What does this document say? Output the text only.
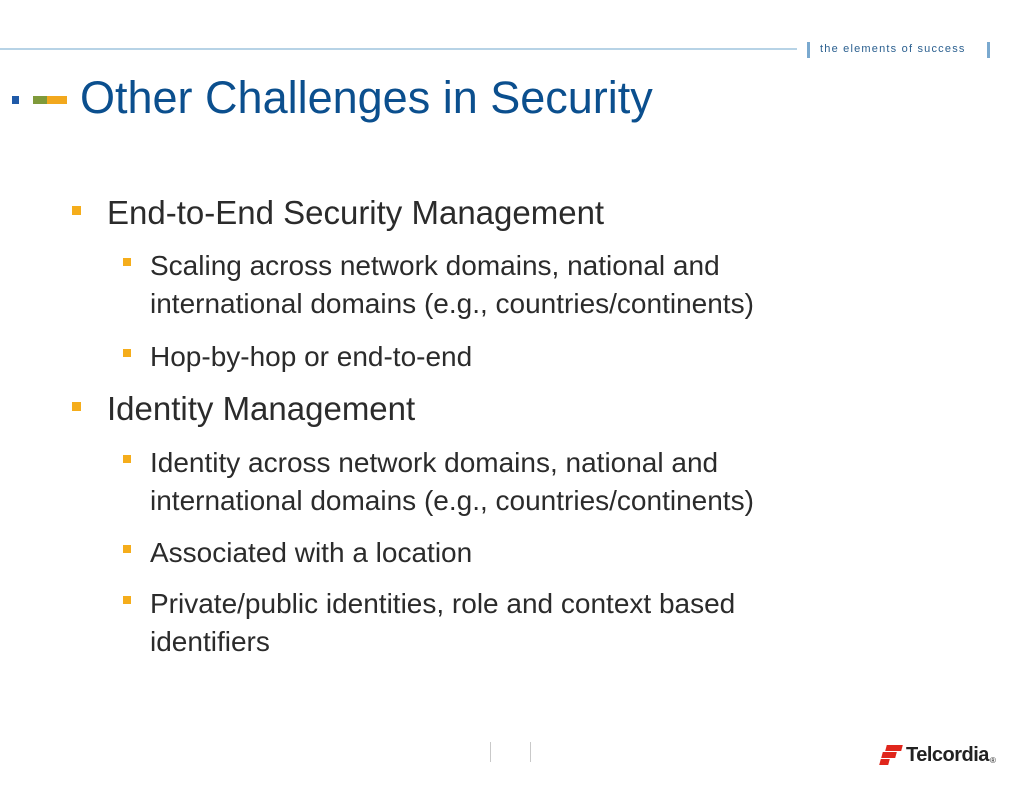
the elements of success
Other Challenges in Security
End-to-End Security Management
Scaling across network domains, national and
international domains (e.g., countries/continents)
Hop-by-hop or end-to-end
Identity Management
Identity across network domains, national and
international domains (e.g., countries/continents)
Associated with a location
Private/public identities, role and context based
identifiers
Telcordia ®
